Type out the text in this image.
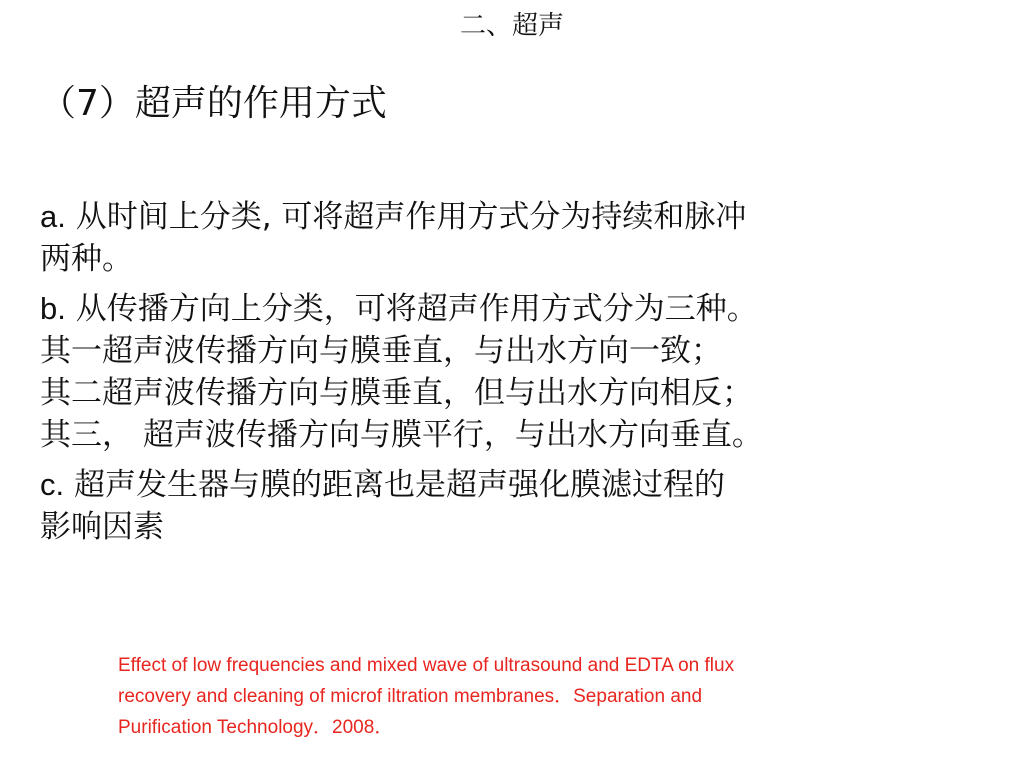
二、超声
（7）超声的作用方式
a. 从时间上分类, 可将超声作用方式分为持续和脉冲
两种。
b. 从传播方向上分类，可将超声作用方式分为三种。
其一超声波传播方向与膜垂直，与出水方向一致；
其二超声波传播方向与膜垂直，但与出水方向相反；
其三， 超声波传播方向与膜平行，与出水方向垂直。
c. 超声发生器与膜的距离也是超声强化膜滤过程的
影响因素
Effect of low frequencies and mixed wave of ultrasound and EDTA on flux
recovery and cleaning of microf iltration membranes．Separation and
Purification Technology．2008．
